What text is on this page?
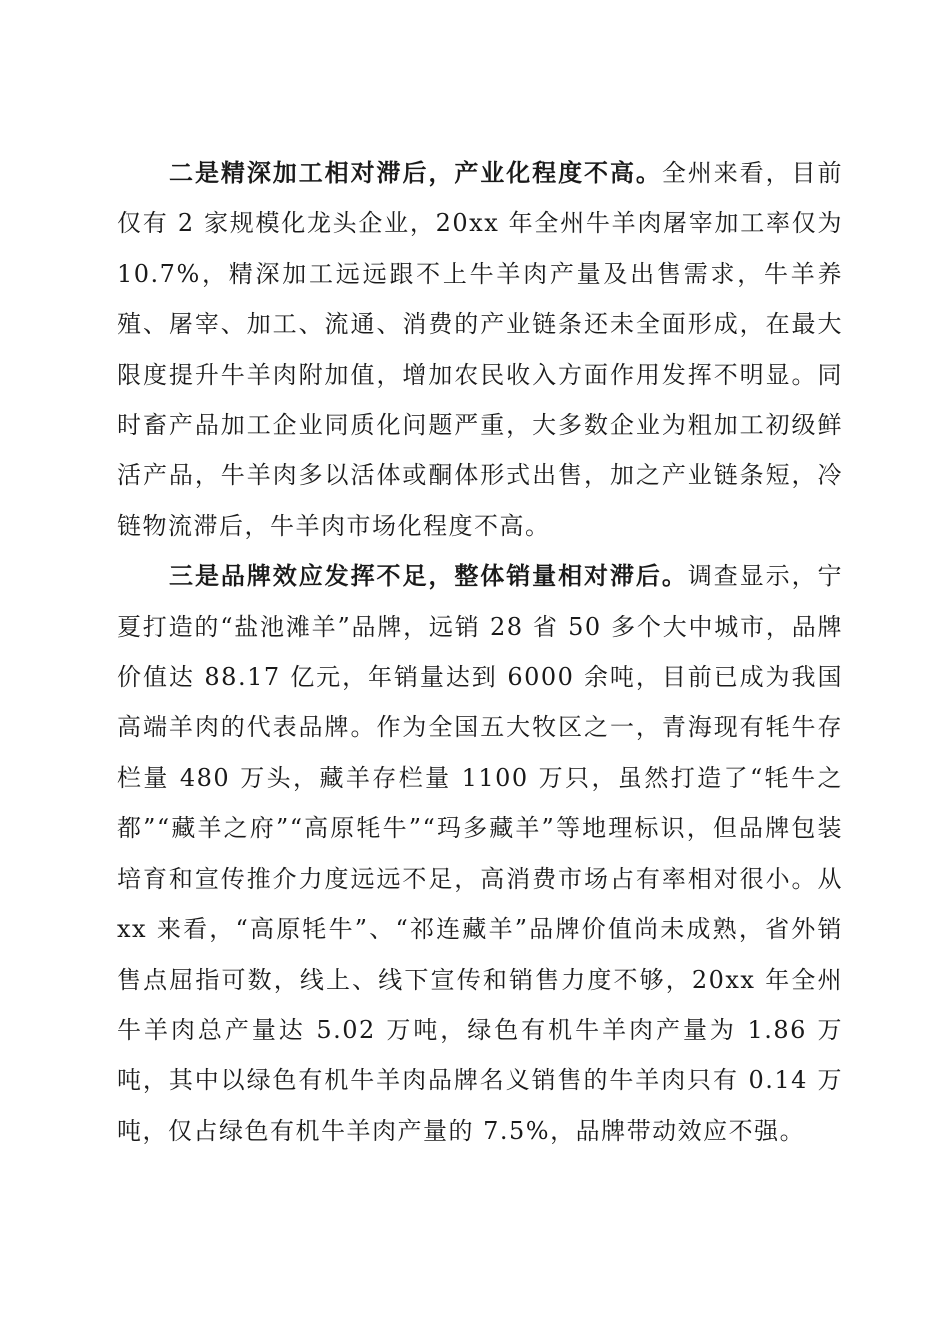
二是精深加工相对滞后，产业化程度不高。全州来看，目前仅有 2 家规模化龙头企业，20xx 年全州牛羊肉屠宰加工率仅为 10.7%，精深加工远远跟不上牛羊肉产量及出售需求，牛羊养殖、屠宰、加工、流通、消费的产业链条还未全面形成，在最大限度提升牛羊肉附加值，增加农民收入方面作用发挥不明显。同时畜产品加工企业同质化问题严重，大多数企业为粗加工初级鲜活产品，牛羊肉多以活体或酮体形式出售，加之产业链条短，冷链物流滞后，牛羊肉市场化程度不高。

三是品牌效应发挥不足，整体销量相对滞后。调查显示，宁夏打造的“盐池滩羊”品牌，远销 28 省 50 多个大中城市，品牌价值达 88.17 亿元，年销量达到 6000 余吨，目前已成为我国高端羊肉的代表品牌。作为全国五大牧区之一，青海现有牦牛存栏量 480 万头，藏羊存栏量 1100 万只，虽然打造了“牦牛之都”“藏羊之府”“高原牦牛”“玛多藏羊”等地理标识，但品牌包装培育和宣传推介力度远远不足，高消费市场占有率相对很小。从 xx 来看，“高原牦牛”、“祁连藏羊”品牌价值尚未成熟，省外销售点屈指可数，线上、线下宣传和销售力度不够，20xx 年全州牛羊肉总产量达 5.02 万吨，绿色有机牛羊肉产量为 1.86 万吨，其中以绿色有机牛羊肉品牌名义销售的牛羊肉只有 0.14 万吨，仅占绿色有机牛羊肉产量的 7.5%，品牌带动效应不强。
